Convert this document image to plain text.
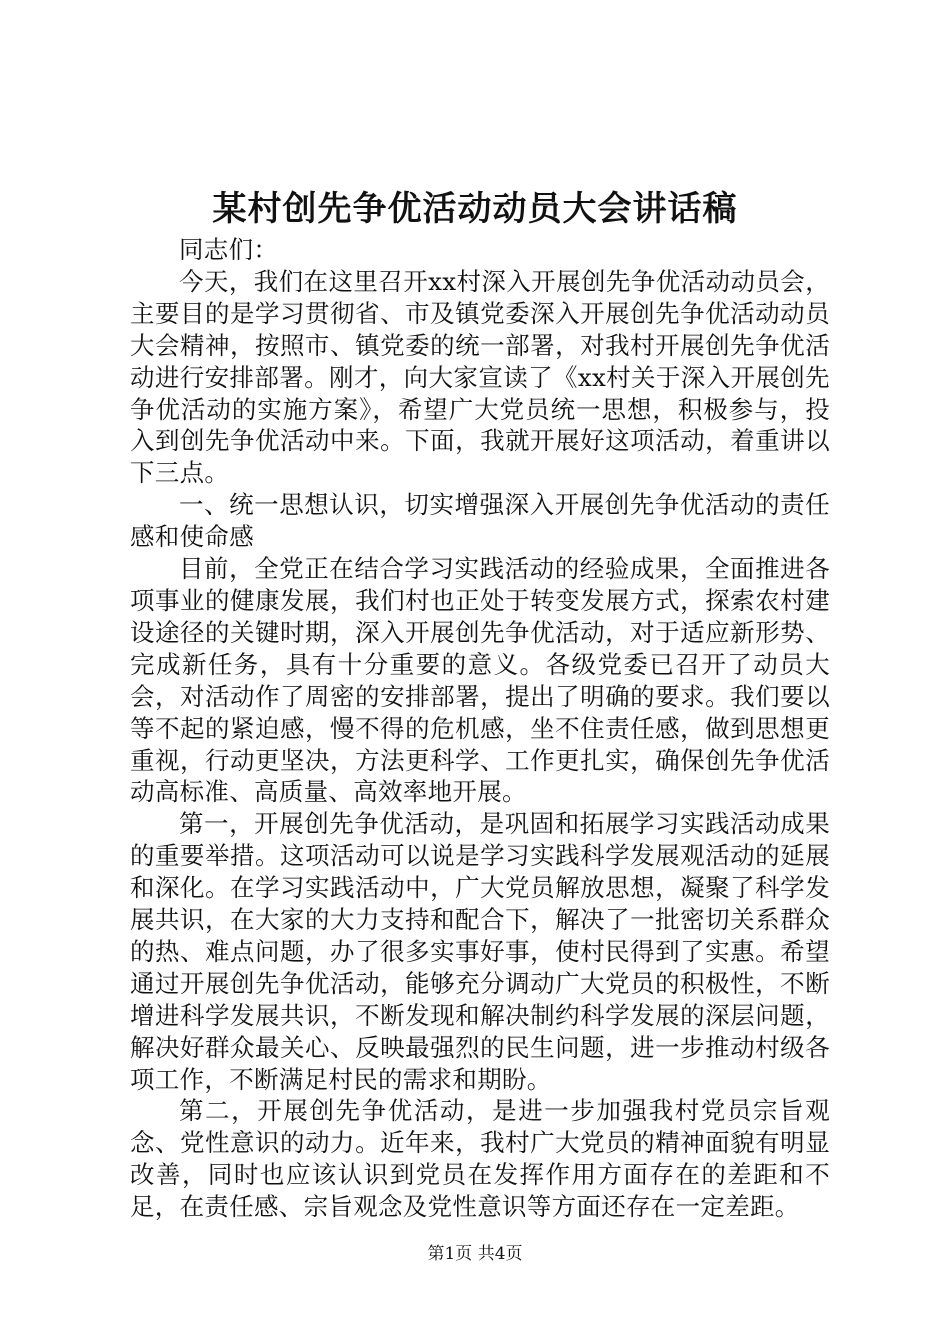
某村创先争优活动动员大会讲话稿

同志们：

今天，我们在这里召开xx村深入开展创先争优活动动员会，主要目的是学习贯彻省、市及镇党委深入开展创先争优活动动员大会精神，按照市、镇党委的统一部署，对我村开展创先争优活动进行安排部署。刚才，向大家宣读了《xx村关于深入开展创先争优活动的实施方案》，希望广大党员统一思想，积极参与，投入到创先争优活动中来。下面，我就开展好这项活动，着重讲以下三点。

一、统一思想认识，切实增强深入开展创先争优活动的责任感和使命感

目前，全党正在结合学习实践活动的经验成果，全面推进各项事业的健康发展，我们村也正处于转变发展方式，探索农村建设途径的关键时期，深入开展创先争优活动，对于适应新形势、完成新任务，具有十分重要的意义。各级党委已召开了动员大会，对活动作了周密的安排部署，提出了明确的要求。我们要以等不起的紧迫感，慢不得的危机感，坐不住责任感，做到思想更重视，行动更坚决，方法更科学、工作更扎实，确保创先争优活动高标准、高质量、高效率地开展。

第一，开展创先争优活动，是巩固和拓展学习实践活动成果的重要举措。这项活动可以说是学习实践科学发展观活动的延展和深化。在学习实践活动中，广大党员解放思想，凝聚了科学发展共识，在大家的大力支持和配合下，解决了一批密切关系群众的热、难点问题，办了很多实事好事，使村民得到了实惠。希望通过开展创先争优活动，能够充分调动广大党员的积极性，不断增进科学发展共识，不断发现和解决制约科学发展的深层问题，解决好群众最关心、反映最强烈的民生问题，进一步推动村级各项工作，不断满足村民的需求和期盼。

第二，开展创先争优活动，是进一步加强我村党员宗旨观念、党性意识的动力。近年来，我村广大党员的精神面貌有明显改善，同时也应该认识到党员在发挥作用方面存在的差距和不足，在责任感、宗旨观念及党性意识等方面还存在一定差距。

第1页 共4页
